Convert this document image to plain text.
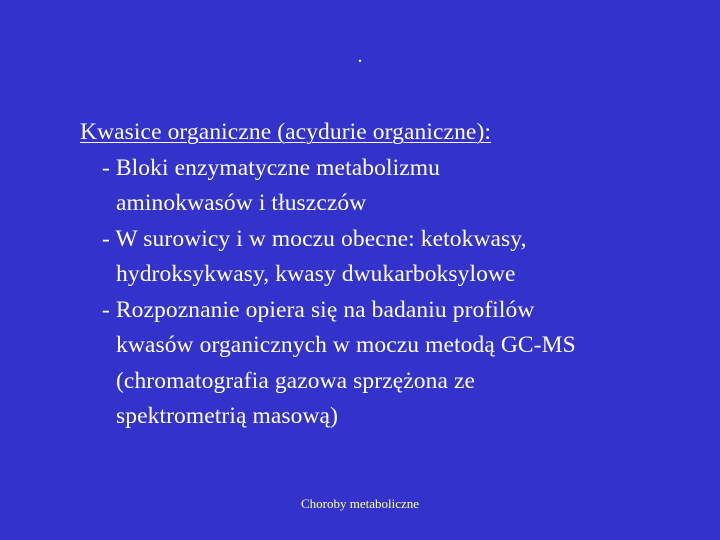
.
Kwasice organiczne (acydurie organiczne):
- Bloki enzymatyczne metabolizmu
aminokwasów i tłuszczów
- W surowicy i w moczu obecne: ketokwasy,
hydroksykwasy, kwasy dwukarboksylowe
- Rozpoznanie opiera się na badaniu profilów
kwasów organicznych w moczu metodą GC-MS
(chromatografia gazowa sprzężona ze
spektrometrią masową)
Choroby metaboliczne
